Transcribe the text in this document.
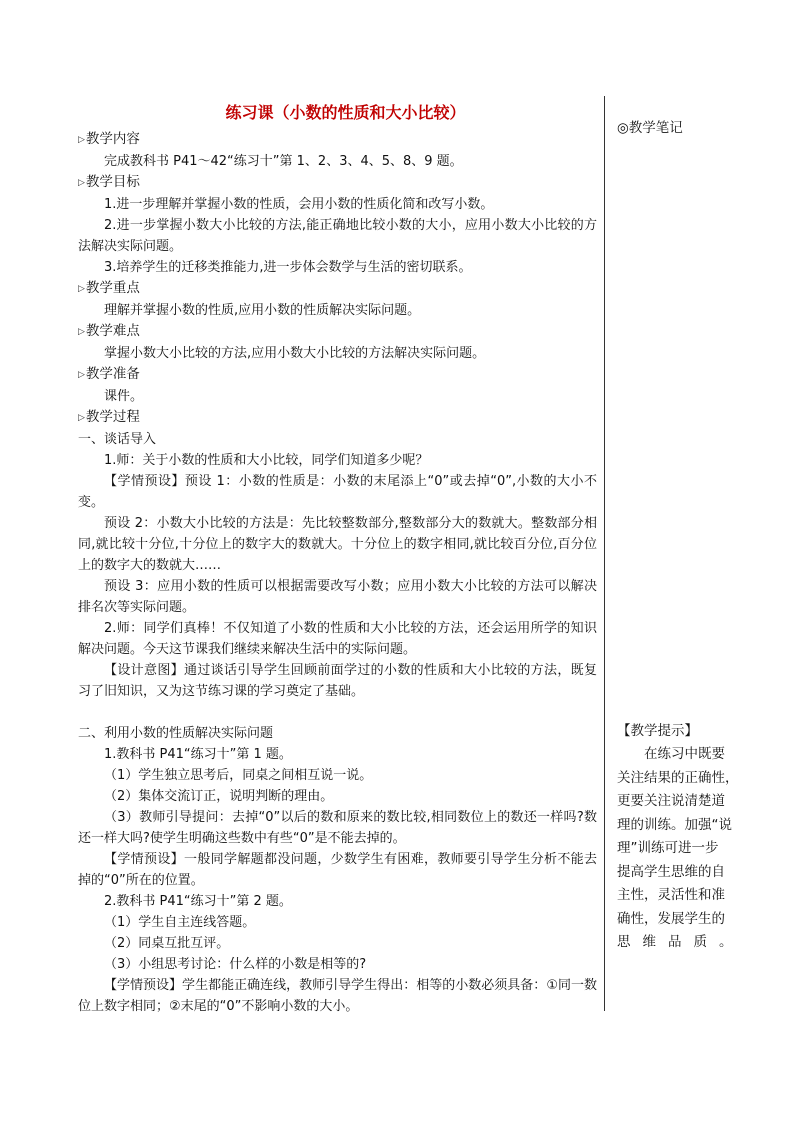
练习课（小数的性质和大小比较）
▷教学内容

完成教科书 P41～42“练习十”第 1、2、3、4、5、8、9 题。

▷教学目标

1.进一步理解并掌握小数的性质，会用小数的性质化简和改写小数。

2.进一步掌握小数大小比较的方法,能正确地比较小数的大小，应用小数大小比较的方法解决实际问题。

3.培养学生的迁移类推能力,进一步体会数学与生活的密切联系。

▷教学重点

理解并掌握小数的性质,应用小数的性质解决实际问题。

▷教学难点

掌握小数大小比较的方法,应用小数大小比较的方法解决实际问题。

▷教学准备

课件。

▷教学过程

一、谈话导入

1.师：关于小数的性质和大小比较，同学们知道多少呢？

【学情预设】预设 1：小数的性质是：小数的末尾添上“0”或去掉“0”,小数的大小不变。

预设 2：小数大小比较的方法是：先比较整数部分,整数部分大的数就大。整数部分相同,就比较十分位,十分位上的数字大的数就大。十分位上的数字相同,就比较百分位,百分位上的数字大的数就大……

预设 3：应用小数的性质可以根据需要改写小数；应用小数大小比较的方法可以解决排名次等实际问题。

2.师：同学们真棒！不仅知道了小数的性质和大小比较的方法，还会运用所学的知识解决问题。今天这节课我们继续来解决生活中的实际问题。

【设计意图】通过谈话引导学生回顾前面学过的小数的性质和大小比较的方法，既复习了旧知识，又为这节练习课的学习奠定了基础。

二、利用小数的性质解决实际问题

1.教科书 P41“练习十”第 1 题。

（1）学生独立思考后，同桌之间相互说一说。

（2）集体交流订正，说明判断的理由。

（3）教师引导提问：去掉“0”以后的数和原来的数比较,相同数位上的数还一样吗?数还一样大吗?使学生明确这些数中有些“0”是不能去掉的。

【学情预设】一般同学解题都没问题，少数学生有困难，教师要引导学生分析不能去掉的“0”所在的位置。

2.教科书 P41“练习十”第 2 题。

（1）学生自主连线答题。

（2）同桌互批互评。

（3）小组思考讨论：什么样的小数是相等的?

【学情预设】学生都能正确连线，教师引导学生得出：相等的小数必须具备：①同一数位上数字相同；②末尾的“0”不影响小数的大小。

◎教学笔记

【教学提示】

在练习中既要

关注结果的正确性，

更要关注说清楚道

理的训练。加强“说

理”训练可进一步

提高学生思维的自

主性，灵活性和准

确性，发展学生的

思维品质。
